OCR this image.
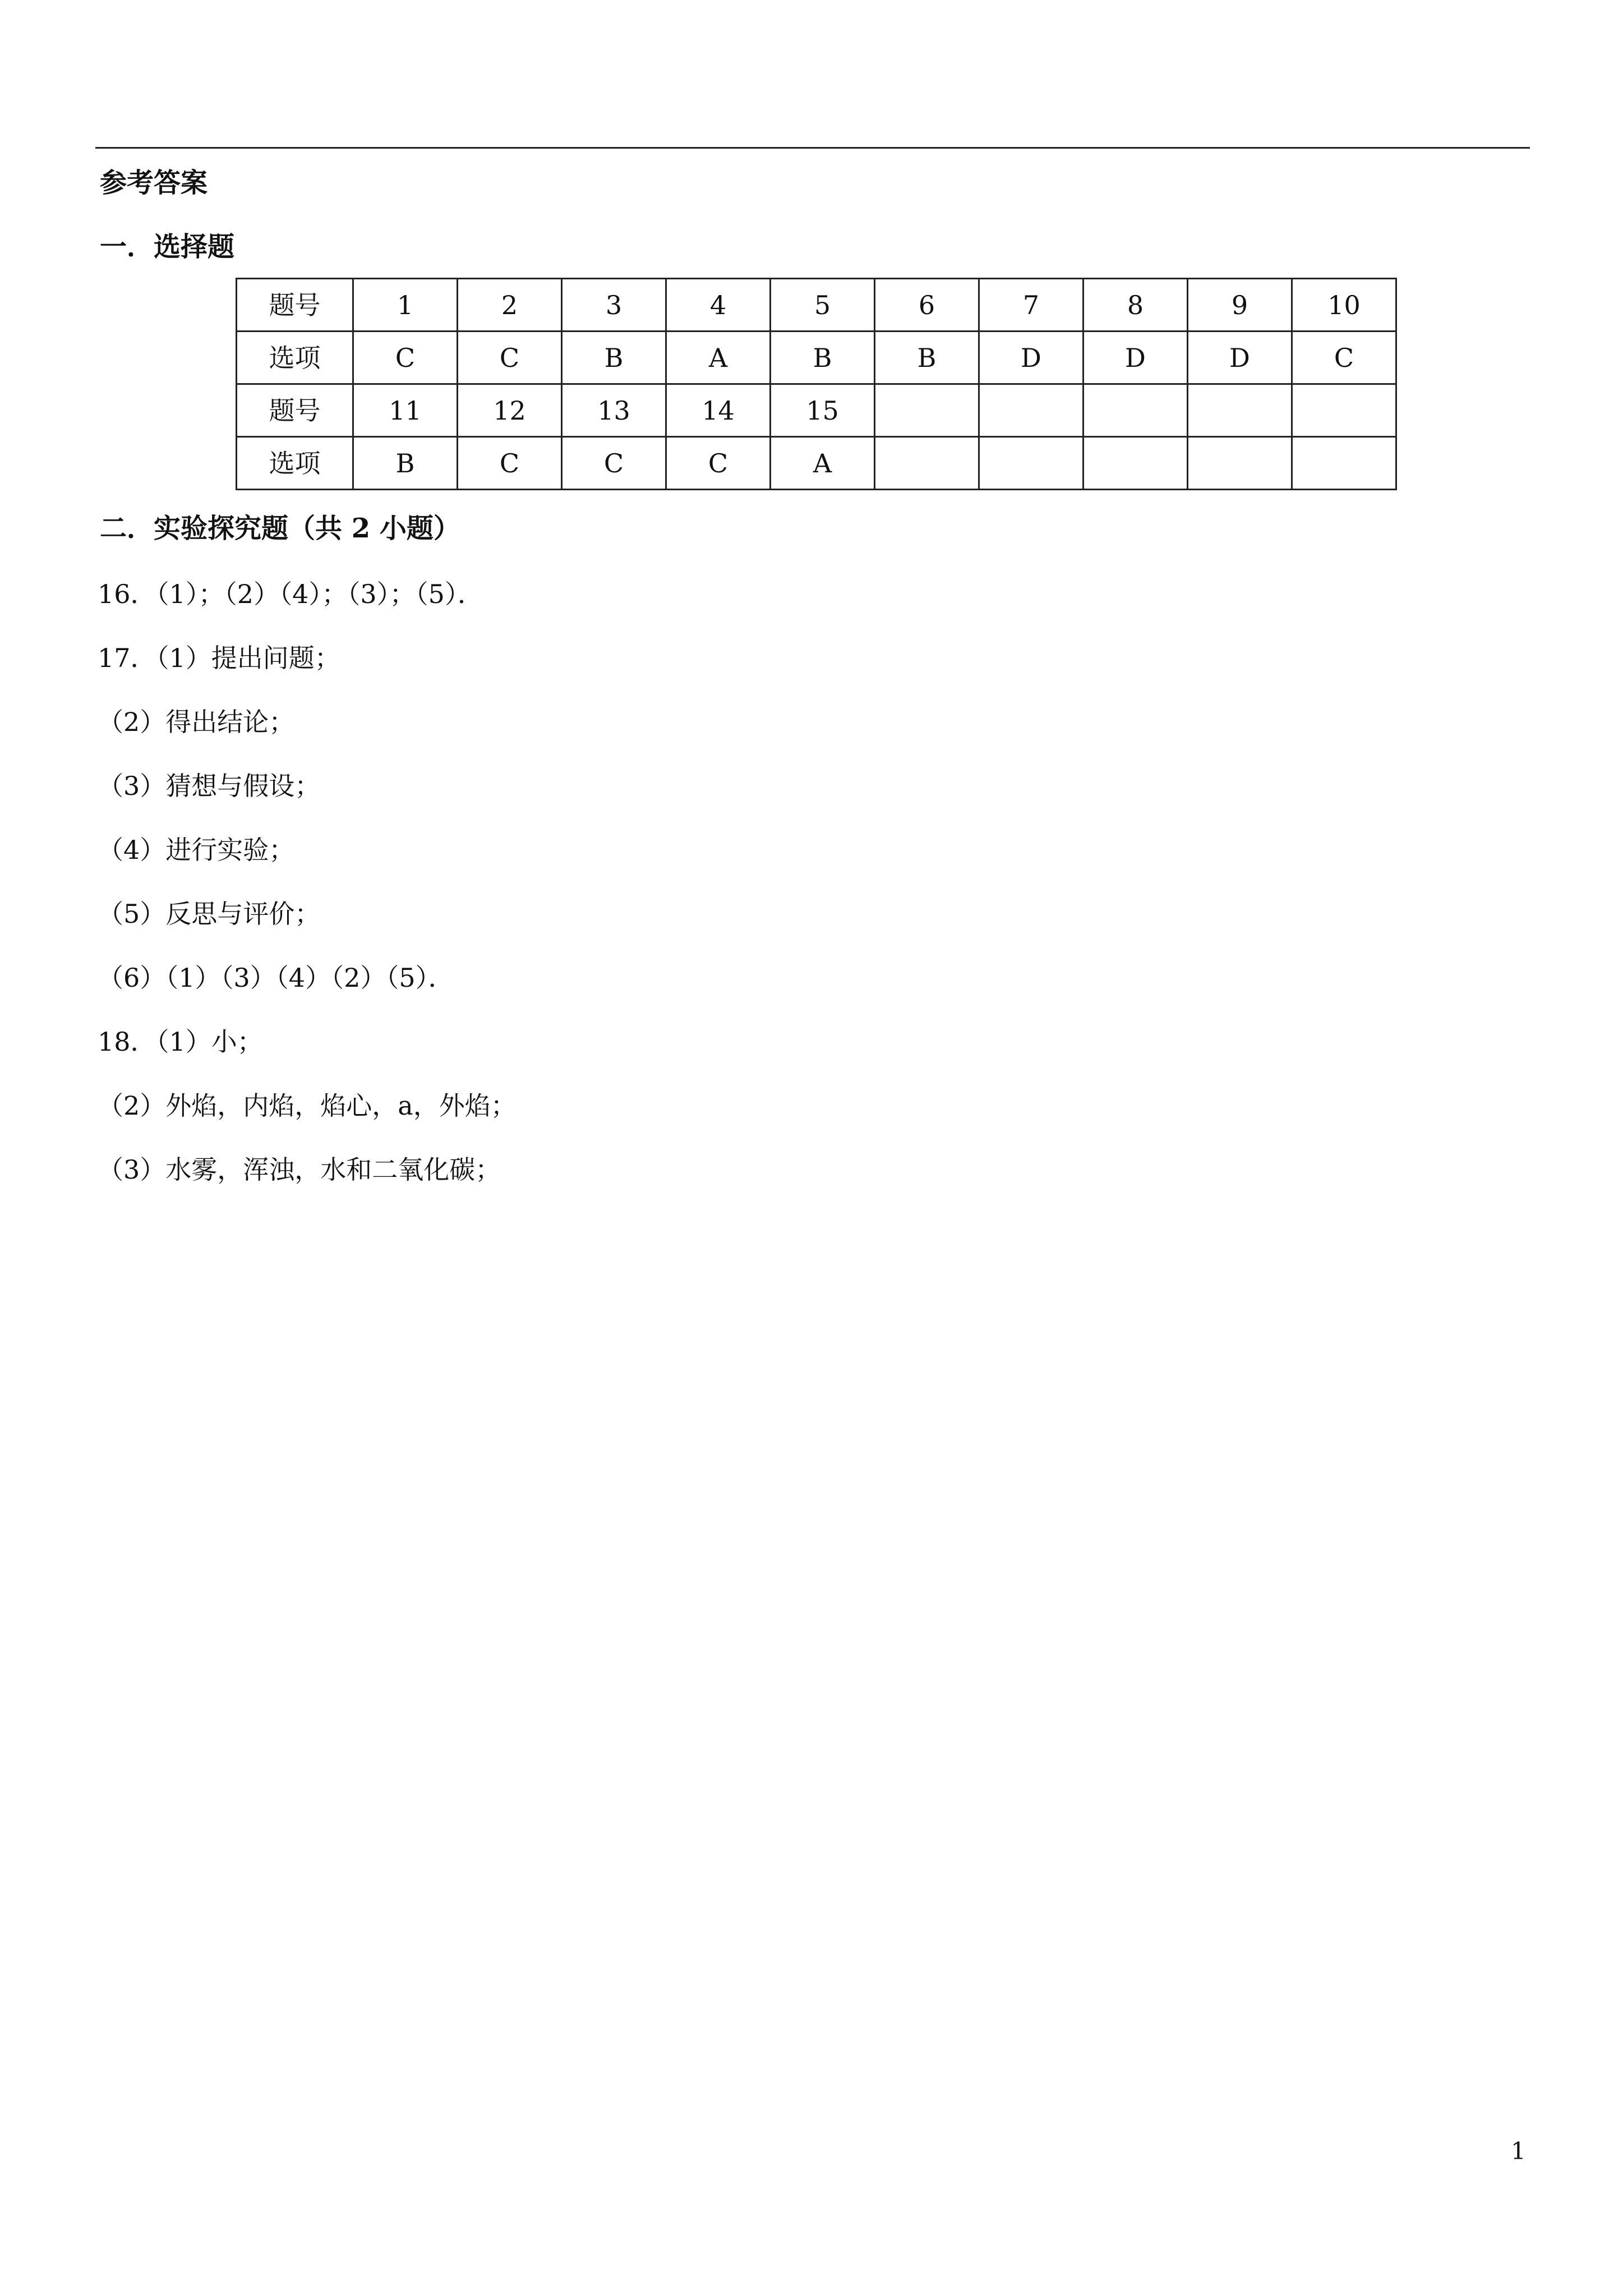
参考答案
一．选择题
题号	1	2	3	4	5	6	7	8	9	10
选项	C	C	B	A	B	B	D	D	D	C
题号	11	12	13	14	15					
选项	B	C	C	C	A					
二．实验探究题（共 2 小题）
16．（1）；（2）（4）；（3）；（5）．
17．（1）提出问题；
（2）得出结论；
（3）猜想与假设；
（4）进行实验；
（5）反思与评价；
（6）（1）（3）（4）（2）（5）．
18．（1）小；
（2）外焰，内焰，焰心，a，外焰；
（3）水雾，浑浊，水和二氧化碳；
1
